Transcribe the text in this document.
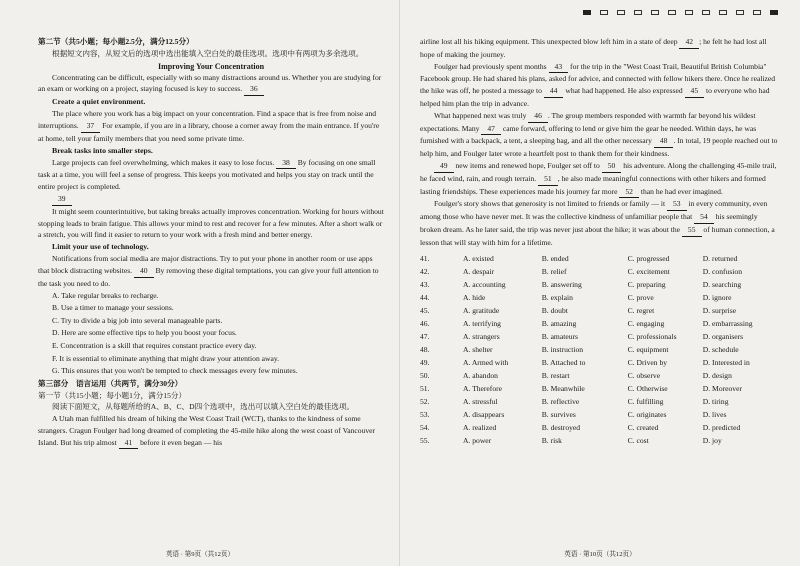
第二节（共5小题；每小题2.5分，满分12.5分）

根据短文内容，从短文后的选项中选出能填入空白处的最佳选项。选项中有两项为多余选项。

Improving Your Concentration

Concentrating can be difficult, especially with so many distractions around us. Whether you are studying for an exam or working on a project, staying focused is key to success. 36

Create a quiet environment.

The place where you work has a big impact on your concentration. Find a space that is free from noise and interruptions. 37 For example, if you are in a library, choose a corner away from the main entrance. If you're at home, tell your family members that you need some private time.

Break tasks into smaller steps.

Large projects can feel overwhelming, which makes it easy to lose focus. 38 By focusing on one small task at a time, you will feel a sense of progress. This keeps you motivated and helps you stay on track until the entire project is completed.

39

It might seem counterintuitive, but taking breaks actually improves concentration. Working for hours without stopping leads to brain fatigue. This allows your mind to rest and recover for a few minutes. After a short walk or a stretch, you will find it easier to return to your work with a fresh mind and better energy.

Limit your use of technology.

Notifications from social media are major distractions. Try to put your phone in another room or use apps that block distracting websites. 40 By removing these digital temptations, you can give your full attention to the task you need to do.

A. Take regular breaks to recharge.

B. Use a timer to manage your sessions.

C. Try to divide a big job into several manageable parts.

D. Here are some effective tips to help you boost your focus.

E. Concentration is a skill that requires constant practice every day.

F. It is essential to eliminate anything that might draw your attention away.

G. This ensures that you won't be tempted to check messages every few minutes.

第三部分　语言运用（共两节，满分30分）

第一节（共15小题；每小题1分，满分15分）

阅读下面短文，从每题所给的A、B、C、D四个选项中，选出可以填入空白处的最佳选项。

A Utah man fulfilled his dream of hiking the West Coast Trail (WCT), thanks to the kindness of some strangers. Cragun Foulger had long dreamed of completing the 45-mile hike along the west coast of Vancouver Island. But his trip almost 41 before it even began — his

英语 · 第9页（共12页）

airline lost all his hiking equipment. This unexpected blow left him in a state of deep 42 ; he felt he had lost all hope of making the journey.

Foulger had previously spent months 43 for the trip in the "West Coast Trail, Beautiful British Columbia" Facebook group. He had shared his plans, asked for advice, and connected with fellow hikers there. Once he realized the hike was off, he posted a message to 44 what had happened. He also expressed 45 to everyone who had helped him plan the trip in advance.

What happened next was truly 46 . The group members responded with warmth far beyond his wildest expectations. Many 47 came forward, offering to lend or give him the gear he needed. Within days, he was furnished with a backpack, a tent, a sleeping bag, and all the other necessary 48 . In total, 19 people reached out to help him, and Foulger later wrote a heartfelt post to thank them for their kindness.

49 new items and renewed hope, Foulger set off to 50 his adventure. Along the challenging 45-mile trail, he faced wind, rain, and rough terrain. 51 , he also made meaningful connections with other hikers and formed lasting friendships. These experiences made his journey far more 52 than he had ever imagined.

Foulger's story shows that generosity is not limited to friends or family — it 53 in every community, even among those who have never met. It was the collective kindness of unfamiliar people that 54 his seemingly broken dream. As he later said, the trip was never just about the hike; it was about the 55 of human connection, a lesson that will stay with him for a lifetime.

41.	A. existed	B. ended	C. progressed	D. returned
42.	A. despair	B. relief	C. excitement	D. confusion
43.	A. accounting	B. answering	C. preparing	D. searching
44.	A. hide	B. explain	C. prove	D. ignore
45.	A. gratitude	B. doubt	C. regret	D. surprise
46.	A. terrifying	B. amazing	C. engaging	D. embarrassing
47.	A. strangers	B. amateurs	C. professionals	D. organisers
48.	A. shelter	B. instruction	C. equipment	D. schedule
49.	A. Armed with	B. Attached to	C. Driven by	D. Interested in
50.	A. abandon	B. restart	C. observe	D. design
51.	A. Therefore	B. Meanwhile	C. Otherwise	D. Moreover
52.	A. stressful	B. reflective	C. fulfilling	D. tiring
53.	A. disappears	B. survives	C. originates	D. lives
54.	A. realized	B. destroyed	C. created	D. predicted
55.	A. power	B. risk	C. cost	D. joy
英语 · 第10页（共12页）
